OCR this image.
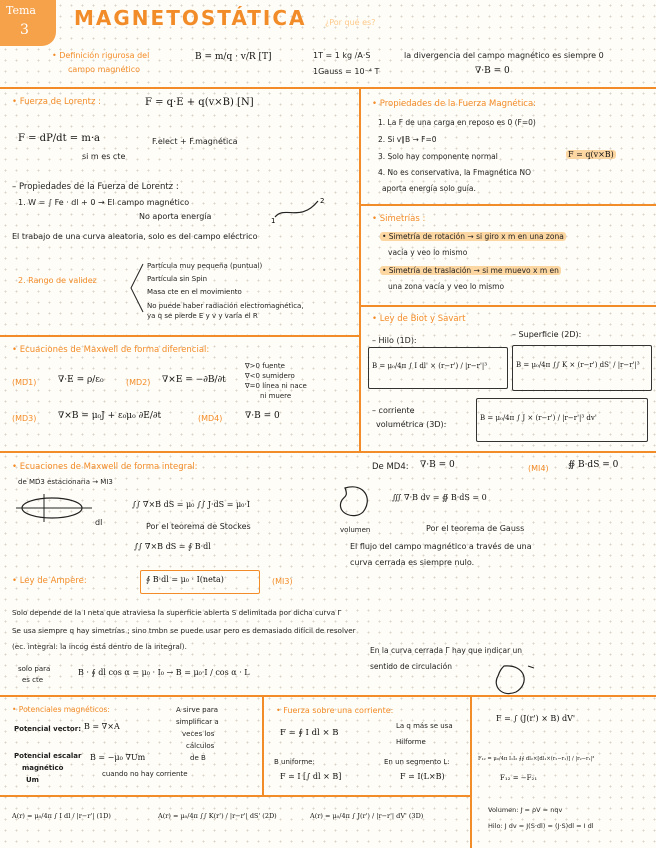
Tema
3 MAGNETOSTÁTICA ¿Por qué es?
• Definición rigurosa del
campo magnético
B = m/q · v/R [T]	1T = 1 kg /A·S
1Gauss = 10⁻⁴ T
la divergencia del campo magnético es siempre 0
∇·B = 0
• Fuerza de Lorentz :	F = q·E + q(v×B) [N]
F = dP/dt = m·a
si m es cte
F.elect + F.magnética
– Propiedades de la Fuerza de Lorentz :
1. W = ∫ Fe · dl + 0 → El campo magnético
No aporta energía
El trabajo de una curva aleatoria, solo es del campo eléctrico
1
2
2. Rango de validez
Partícula muy pequeña (puntual)
Partícula sin Spin
Masa cte en el movimiento
No puede haber radiación electromagnética,
ya q se pierde E y v y varía el R
• Propiedades de la Fuerza Magnética:
1. La F de una carga en reposo es 0 (F=0)
2. Si v∥B → F=0
3. Solo hay componente normal	F = q(v×B)
4. No es conservativa, la Fmagnética NO
aporta energía solo guía.
• Simetrías :
• Simetría de rotación → si giro x m en una zona
vacía y veo lo mismo
• Simetría de traslación → si me muevo x m en
una zona vacía y veo lo mismo
• Ecuaciones de Maxwell de forma diferencial:
(MD1) ∇·E = ρ/ε₀	(MD2) ∇×E = −∂B/∂t
(MD3) ∇×B = μ₀J + ε₀μ₀ ∂E/∂t	(MD4)	∇·B = 0
∇>0 fuente
∇<0 sumidero
∇=0 línea ni nace
ni muere
• Ley de Biot y Savart
– Hilo (1D):
– Superficie (2D):
B = μ₀/4π ∫ I dl' × (r−r') / |r−r'|³	B = μ₀/4π ∫∫ K × (r−r') dS' / |r−r'|³
– corriente
volumétrica (3D):
B = μ₀/4π ∫ J × (r−r') / |r−r'|³ dv'
• Ecuaciones de Maxwell de forma integral:
de MD3 estacionaria → MI3
dl
∫∫ ∇×B dS = μ₀ ∫∫ J·dS = μ₀·I
Por el teorema de Stockes
∫∫ ∇×B dS = ∮ B·dl
De MD4: ∇·B = 0	(MI4) ∯ B·dS = 0
∭ ∇·B dv = ∯ B·dS = 0
volumen	Por el teorema de Gauss
El flujo del campo magnético a través de una
curva cerrada es siempre nulo.
• Ley de Ampère:	∮ B·dl = μ₀ · I(neta)	(MI3)
Solo depende de la I neta que atraviesa la superficie abierta S delimitada por dicha curva Γ
Se usa siempre q hay simetrías ; sino tmbn se puede usar pero es demasiado difícil de resolver
(ec. integral: la incog está dentro de la integral).	En la curva cerrada Γ hay que indicar un
sentido de circulación
solo para
es cte
B · ∮ dl cos α = μ₀ · I₀ → B = μ₀·I / cos α · L
• Potenciales magnéticos:
Potencial vector: B = ∇×A
A sirve para
simplificar a
veces los
cálculos
de B
Potencial escalar
magnético
Um
B = −μ₀ ∇Um
cuando no hay corriente
A(r) = μ₀/4π ∫ I dl / |r−r'| (1D)	A(r) = μ₀/4π ∫∫ K(r') / |r−r'| dS' (2D)	A(r) = μ₀/4π ∫ J(r') / |r−r'| dV' (3D)
• Fuerza sobre una corriente:
F = ∮ I dl × B
La q más se usa
Hilforme
B uniforme:
F = I [∫ dl × B]
En un segmento L:
F = I(L×B)
F = ∫ (J(r') × B) dV'
F₁₂ = μ₀/4π I₁I₂ ∮∮ dl₂×[dl₁×(r₂−r₁)] / |r₂−r₁|³
F₁₂ = −F₂₁
Volumen: J = ρV = nqv
Hilo: J dv = J(S·dl) = (J·S)dl = I dl
